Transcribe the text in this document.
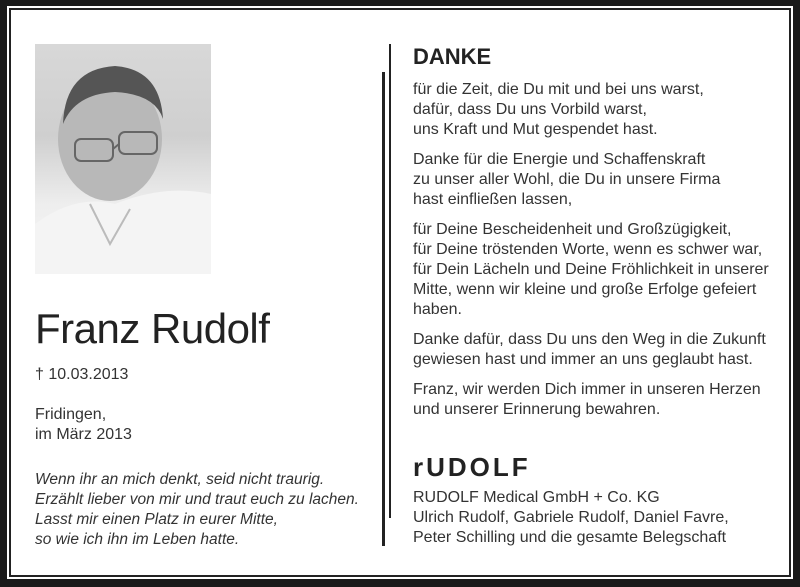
Franz Rudolf
† 10.03.2013
Fridingen,
im März 2013
Wenn ihr an mich denkt, seid nicht traurig.
Erzählt lieber von mir und traut euch zu lachen.
Lasst mir einen Platz in eurer Mitte,
so wie ich ihn im Leben hatte.
DANKE
für die Zeit, die Du mit und bei uns warst,
dafür, dass Du uns Vorbild warst,
uns Kraft und Mut gespendet hast.
Danke für die Energie und Schaffenskraft
zu unser aller Wohl, die Du in unsere Firma
hast einfließen lassen,
für Deine Bescheidenheit und Großzügigkeit,
für Deine tröstenden Worte, wenn es schwer war,
für Dein Lächeln und Deine Fröhlichkeit in unserer
Mitte, wenn wir kleine und große Erfolge gefeiert
haben.
Danke dafür, dass Du uns den Weg in die Zukunft
gewiesen hast und immer an uns geglaubt hast.
Franz, wir werden Dich immer in unseren Herzen
und unserer Erinnerung bewahren.
rUDOLF
RUDOLF Medical GmbH + Co. KG
Ulrich Rudolf, Gabriele Rudolf, Daniel Favre,
Peter Schilling und die gesamte Belegschaft
